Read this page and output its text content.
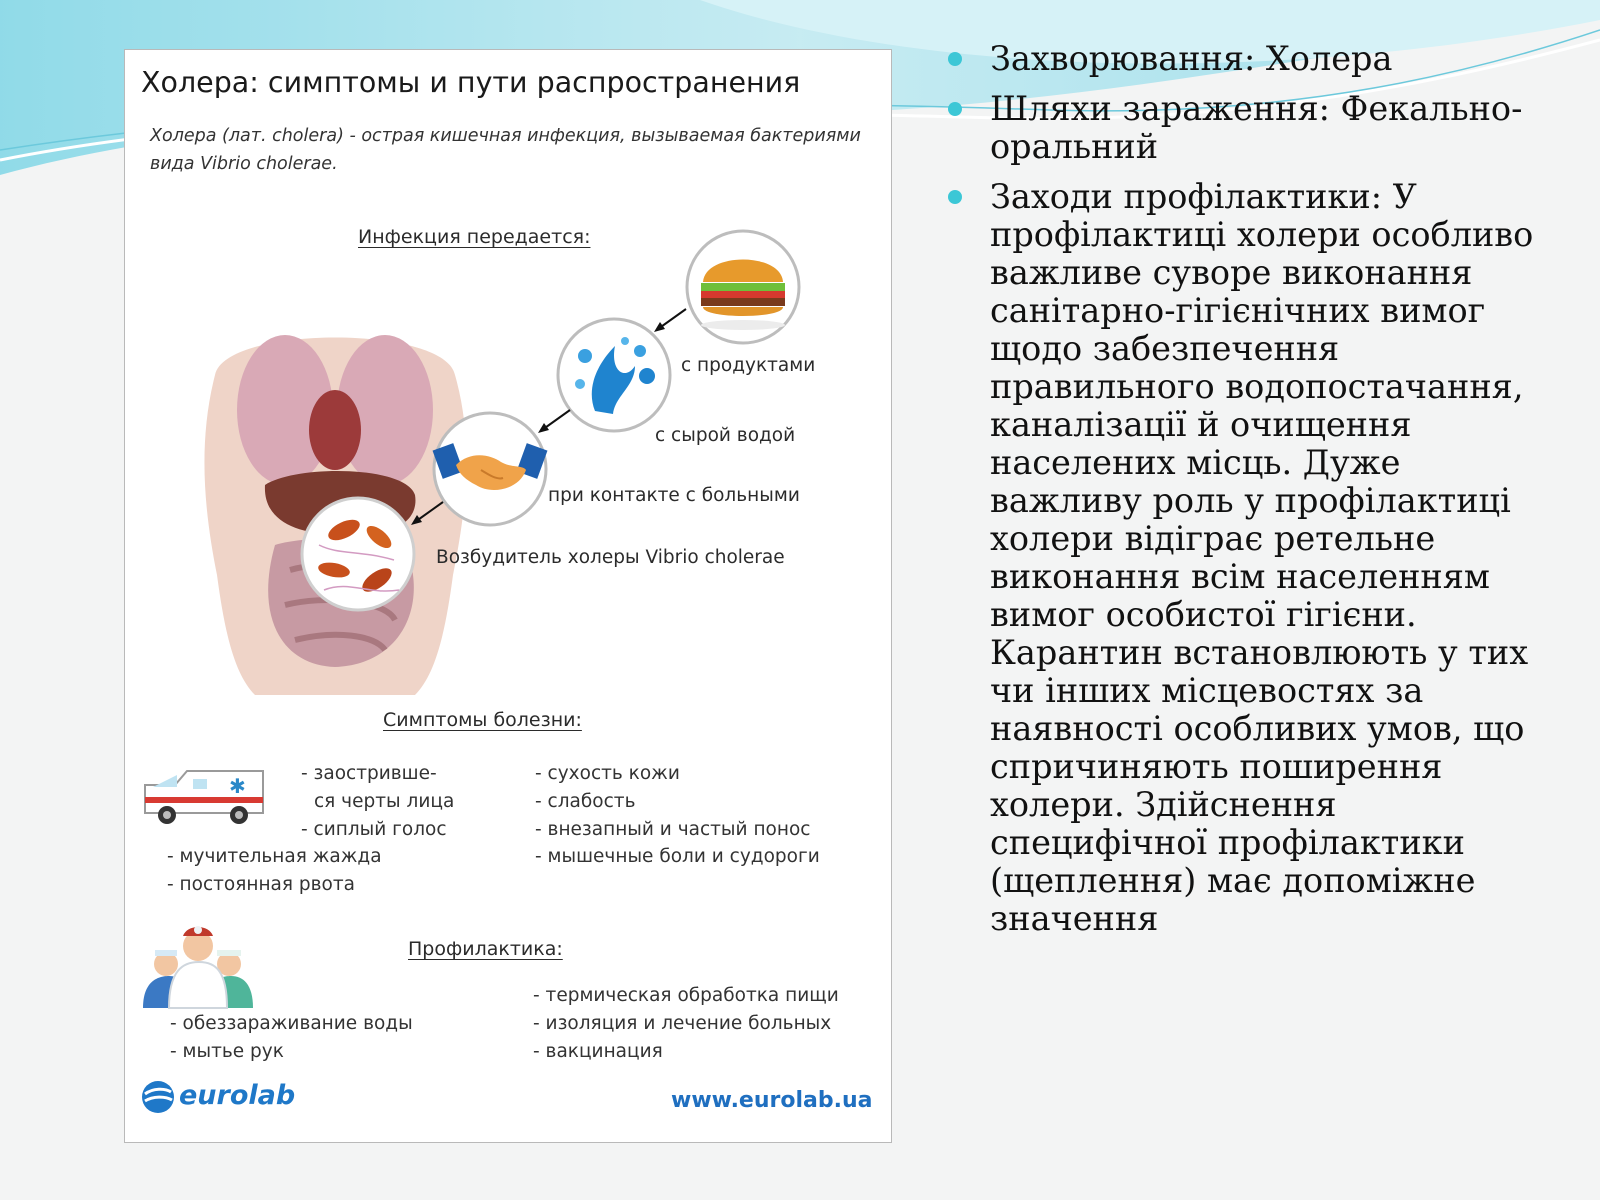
Холера: симптомы и пути распространения
Холера (лат. cholera) - острая кишечная инфекция, вызываемая бактериями вида Vibrio cholerae.
Инфекция передается:
с продуктами
с сырой водой
при контакте с больными
Возбудитель холеры Vibrio cholerae
Симптомы болезни:
✱
- заостривше-
ся черты лица
- сиплый голос
- мучительная жажда
- постоянная рвота
- сухость кожи
- слабость
- внезапный и частый понос
- мышечные боли и судороги
Профилактика:
- термическая обработка пищи
- обеззараживание воды	- изоляция и лечение больных
- мытье рук	- вакцинация
eurolab	www.eurolab.ua
Захворювання: Холера
Шляхи зараження: Фекально-оральний
Заходи профілактики: У профілактиці холери особливо важливе суворе виконання санітарно-гігієнічних вимог щодо забезпечення правильного водопостачання, каналізації й очищення населених місць. Дуже важливу роль у профілактиці холери відіграє ретельне виконання всім населенням вимог особистої гігієни. Карантин встановлюють у тих чи інших місцевостях за наявності особливих умов, що спричиняють поширення холери. Здійснення специфічної профілактики (щеплення) має допоміжне значення
